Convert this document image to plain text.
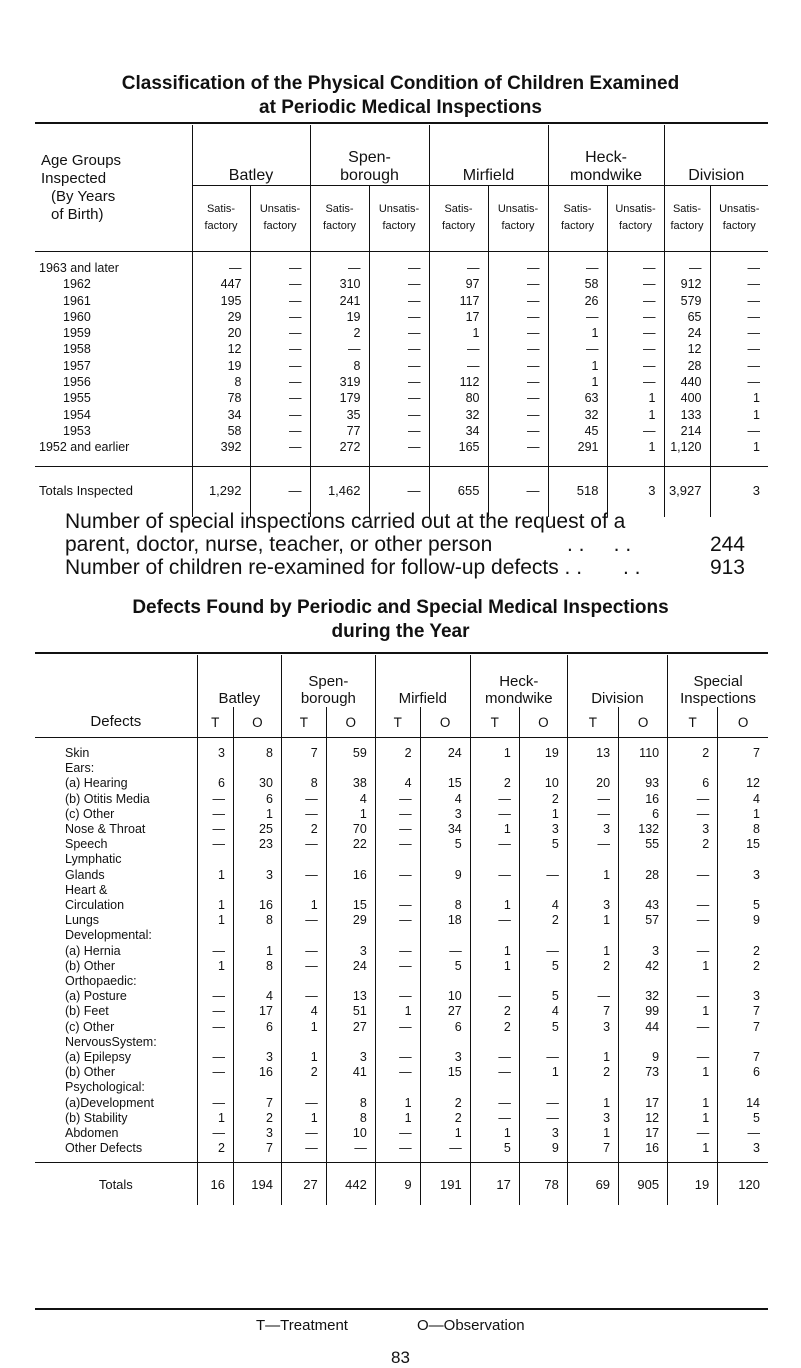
Classification of the Physical Condition of Children Examined
at Periodic Medical Inspections
Age Groups
Inspected
(By Years
of Birth)	Batley		Spen-
borough		Mirfield		Heck-
mondwike		Division	
	Satis-
factory	Unsatis-
factory	Satis-
factory	Unsatis-
factory	Satis-
factory	Unsatis-
factory	Satis-
factory	Unsatis-
factory	Satis-
factory	Unsatis-
factory
1963 and later	—	—	—	—	—	—	—	—	—	—
1962	447	—	310	—	97	—	58	—	912	—
1961	195	—	241	—	117	—	26	—	579	—
1960	29	—	19	—	17	—	—	—	65	—
1959	20	—	2	—	1	—	1	—	24	—
1958	12	—	—	—	—	—	—	—	12	—
1957	19	—	8	—	—	—	1	—	28	—
1956	8	—	319	—	112	—	1	—	440	—
1955	78	—	179	—	80	—	63	1	400	1
1954	34	—	35	—	32	—	32	1	133	1
1953	58	—	77	—	34	—	45	—	214	—
1952 and earlier	392	—	272	—	165	—	291	1	1,120	1
Totals Inspected	1,292	—	1,462	—	655	—	518	3	3,927	3
Number of special inspections carried out at the request of a
parent, doctor, nurse, teacher, or other person	. .     . .	244
Number of children re-examined for follow-up defects . . . .	913
Defects Found by Periodic and Special Medical Inspections
during the Year
Defects	Batley		Spen-
borough		Mirfield		Heck-
mondwike		Division		Special
Inspections	
	T	O	T	O	T	O	T	O	T	O	T	O
Skin	3	8	7	59	2	24	1	19	13	110	2	7
Ears:												
(a) Hearing	6	30	8	38	4	15	2	10	20	93	6	12
(b) Otitis Media	—	6	—	4	—	4	—	2	—	16	—	4
(c) Other	—	1	—	1	—	3	—	1	—	6	—	1
Nose & Throat	—	25	2	70	—	34	1	3	3	132	3	8
Speech	—	23	—	22	—	5	—	5	—	55	2	15
Lymphatic												
Glands	1	3	—	16	—	9	—	—	1	28	—	3
Heart &												
Circulation	1	16	1	15	—	8	1	4	3	43	—	5
Lungs	1	8	—	29	—	18	—	2	1	57	—	9
Developmental:												
(a) Hernia	—	1	—	3	—	—	1	—	1	3	—	2
(b) Other	1	8	—	24	—	5	1	5	2	42	1	2
Orthopaedic:												
(a) Posture	—	4	—	13	—	10	—	5	—	32	—	3
(b) Feet	—	17	4	51	1	27	2	4	7	99	1	7
(c) Other	—	6	1	27	—	6	2	5	3	44	—	7
NervousSystem:												
(a) Epilepsy	—	3	1	3	—	3	—	—	1	9	—	7
(b) Other	—	16	2	41	—	15	—	1	2	73	1	6
Psychological:												
(a)Development	—	7	—	8	1	2	—	—	1	17	1	14
(b) Stability	1	2	1	8	1	2	—	—	3	12	1	5
Abdomen	—	3	—	10	—	1	1	3	1	17	—	—
Other Defects	2	7	—	—	—	—	5	9	7	16	1	3
Totals	16	194	27	442	9	191	17	78	69	905	19	120
T—Treatment	O—Observation
83
